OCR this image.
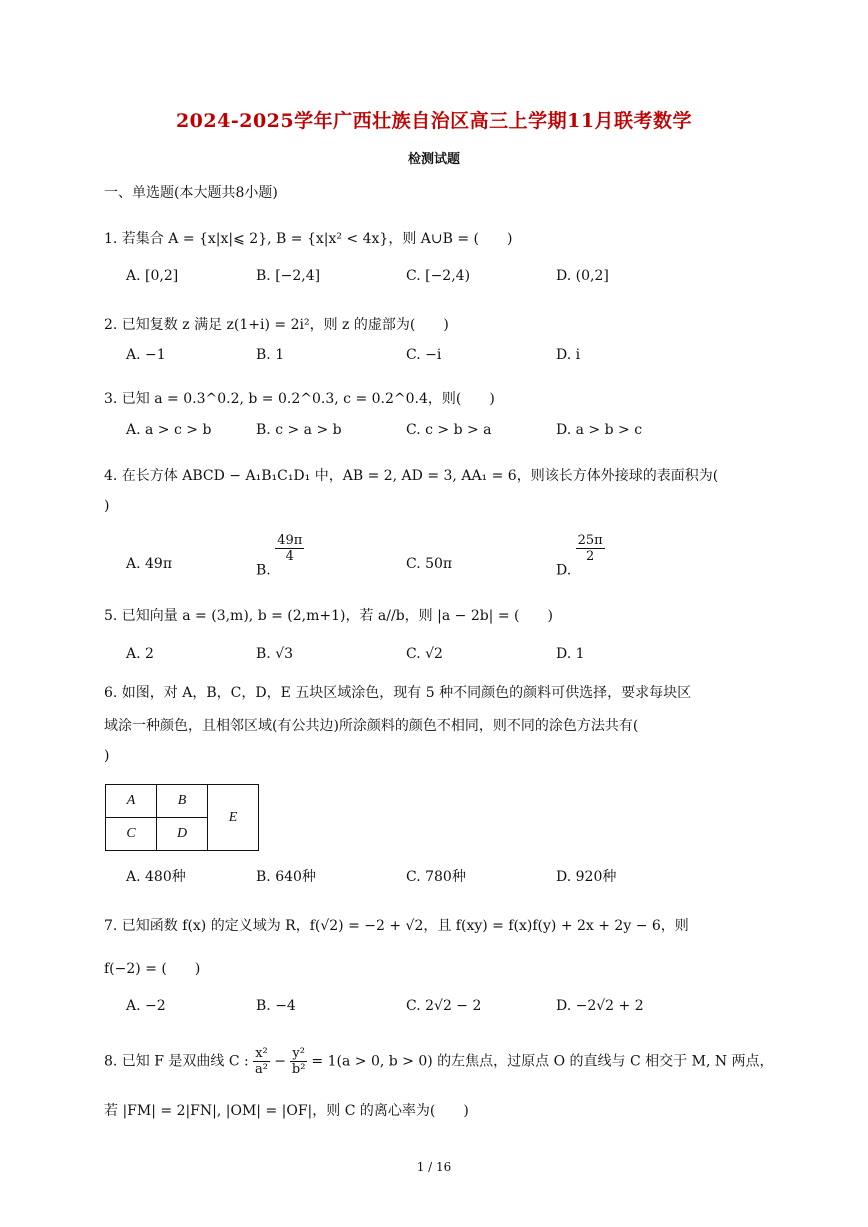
2024-2025学年广西壮族自治区高三上学期11月联考数学
检测试题
一、单选题(本大题共8小题)
1. 若集合 A = {x|x|⩽ 2}, B = {x|x² < 4x}，则 A∪B = (　　)
A. [0,2]	B. [−2,4]	C. [−2,4)	D. (0,2]
2. 已知复数 z 满足 z(1+i) = 2i²，则 z 的虚部为(　　)
A. −1	B. 1	C. −i	D. i
3. 已知 a = 0.3^0.2, b = 0.2^0.3, c = 0.2^0.4，则(　　)
A. a > c > b	B. c > a > b	C. c > b > a	D. a > b > c
4. 在长方体 ABCD − A₁B₁C₁D₁ 中，AB = 2, AD = 3, AA₁ = 6，则该长方体外接球的表面积为(
)
A. 49π	B.
$\frac{49\pi}{4}$	C. 50π	D.
$\frac{25\pi}{2}$
5. 已知向量 a = (3,m), b = (2,m+1)，若 a//b，则 |a − 2b| = (　　)
A. 2	B. √3	C. √2	D. 1
6. 如图，对 A，B，C，D，E 五块区域涂色，现有 5 种不同颜色的颜料可供选择，要求每块区
域涂一种颜色，且相邻区域(有公共边)所涂颜料的颜色不相同，则不同的涂色方法共有(
)
A	B	E
C	D	
A. 480种	B. 640种	C. 780种	D. 920种
7. 已知函数 f(x) 的定义域为 R，f(√2) = −2 + √2，且 f(xy) = f(x)f(y) + 2x + 2y − 6，则
f(−2) = (　　)
A. −2	B. −4	C. 2√2 − 2	D. −2√2 + 2
8. 已知 F 是双曲线 C : $\frac{\text{x²}}{\text{a²}} - \frac{\text{y²}}{\text{b²}} = 1(a > 0$, b > 0) 的左焦点，过原点 O 的直线与 C 相交于 M, N 两点，
若 |FM| = 2|FN|, |OM| = |OF|，则 C 的离心率为(　　)
1 / 16
